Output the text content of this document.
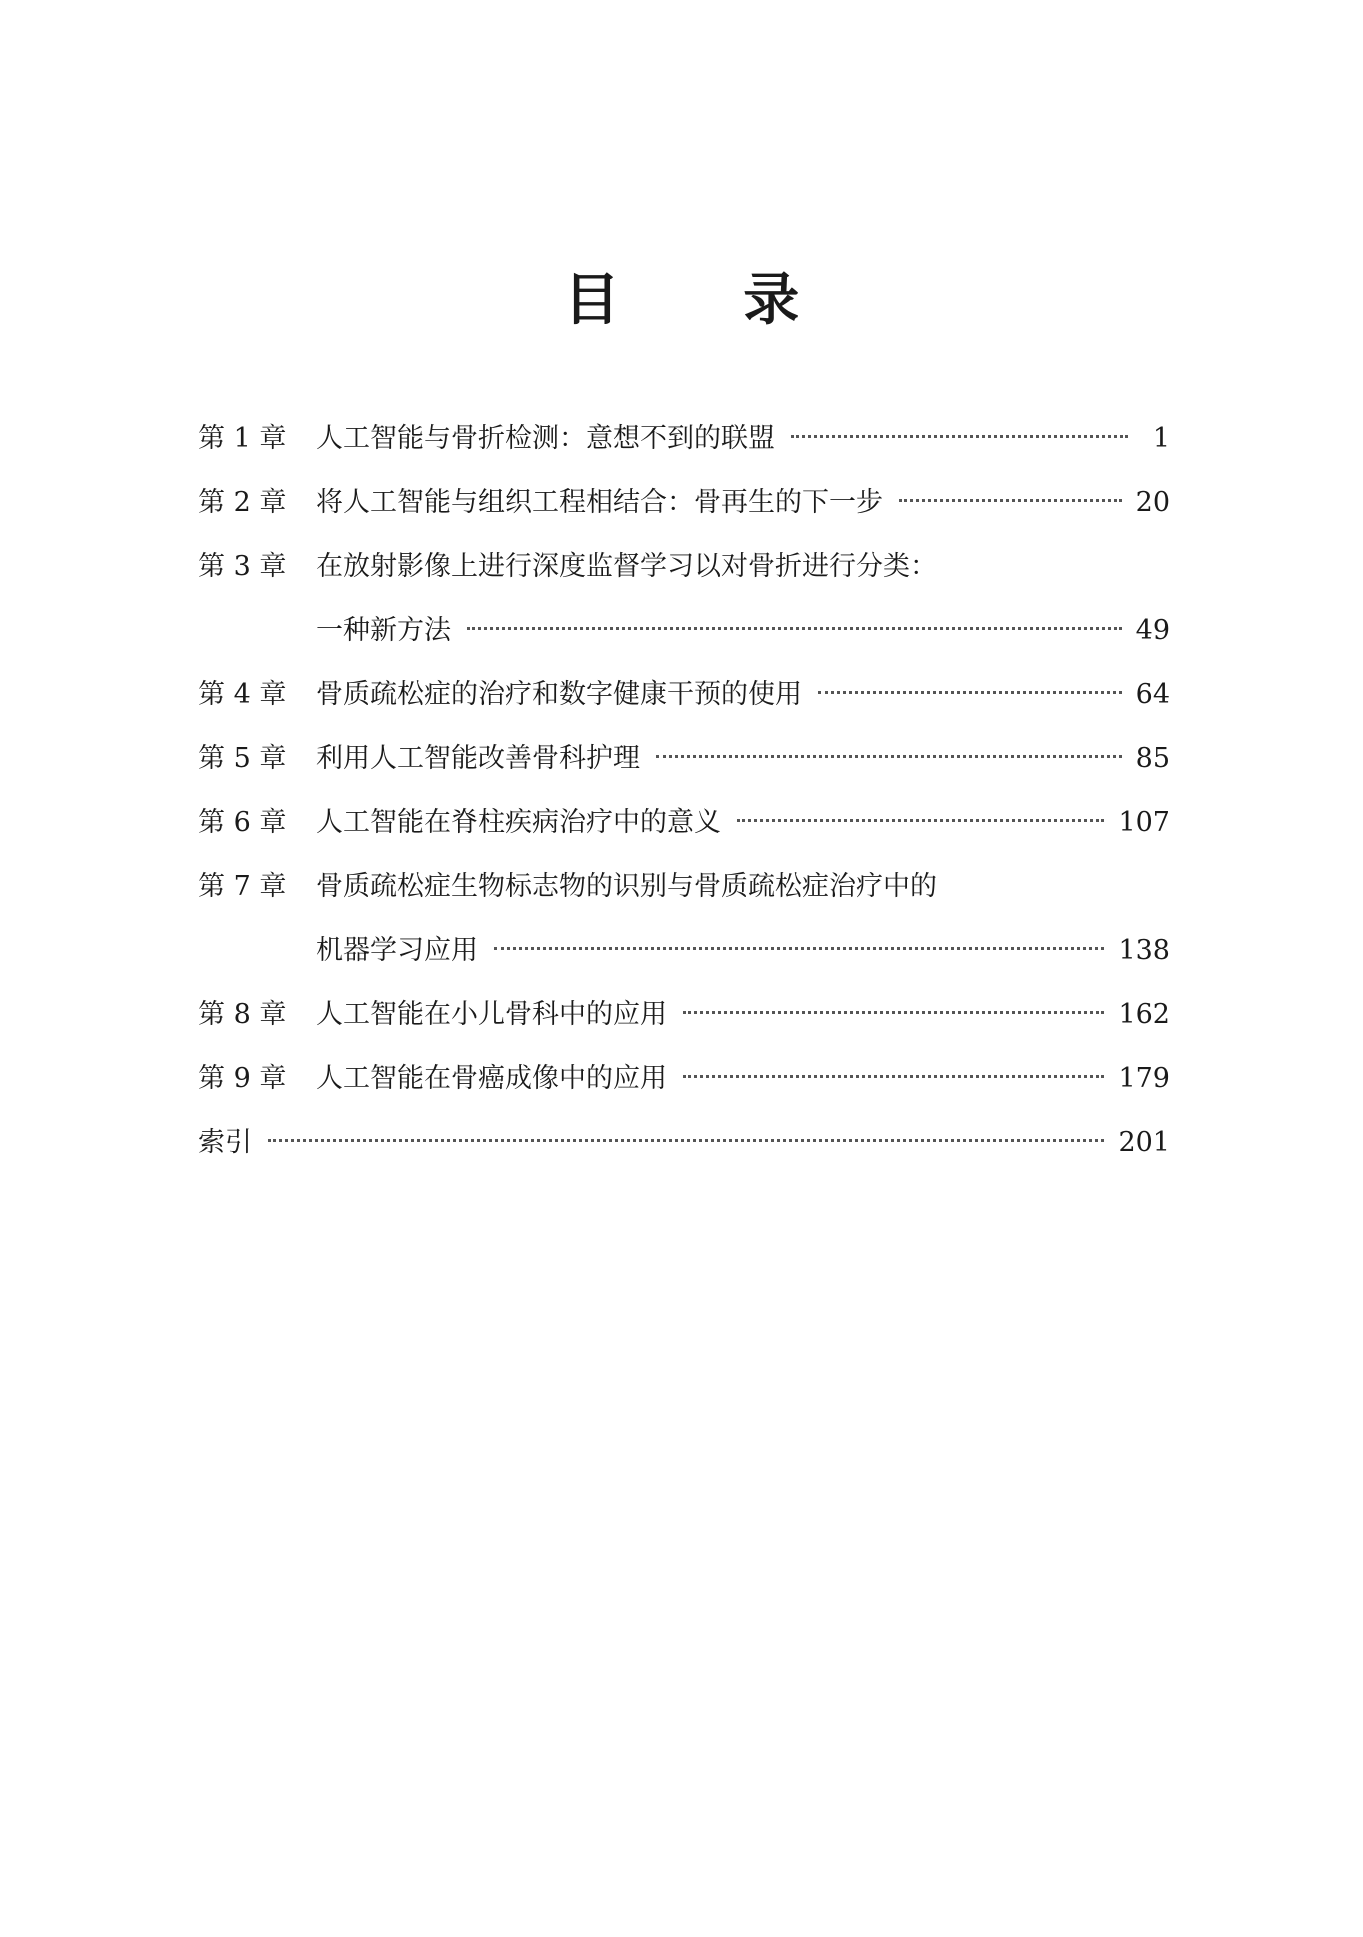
目 录
第 1 章	人工智能与骨折检测：意想不到的联盟	1
第 2 章	将人工智能与组织工程相结合：骨再生的下一步	20
第 3 章	在放射影像上进行深度监督学习以对骨折进行分类：
一种新方法	49
第 4 章	骨质疏松症的治疗和数字健康干预的使用	64
第 5 章	利用人工智能改善骨科护理	85
第 6 章	人工智能在脊柱疾病治疗中的意义	107
第 7 章	骨质疏松症生物标志物的识别与骨质疏松症治疗中的
机器学习应用	138
第 8 章	人工智能在小儿骨科中的应用	162
第 9 章	人工智能在骨癌成像中的应用	179
索引	201
